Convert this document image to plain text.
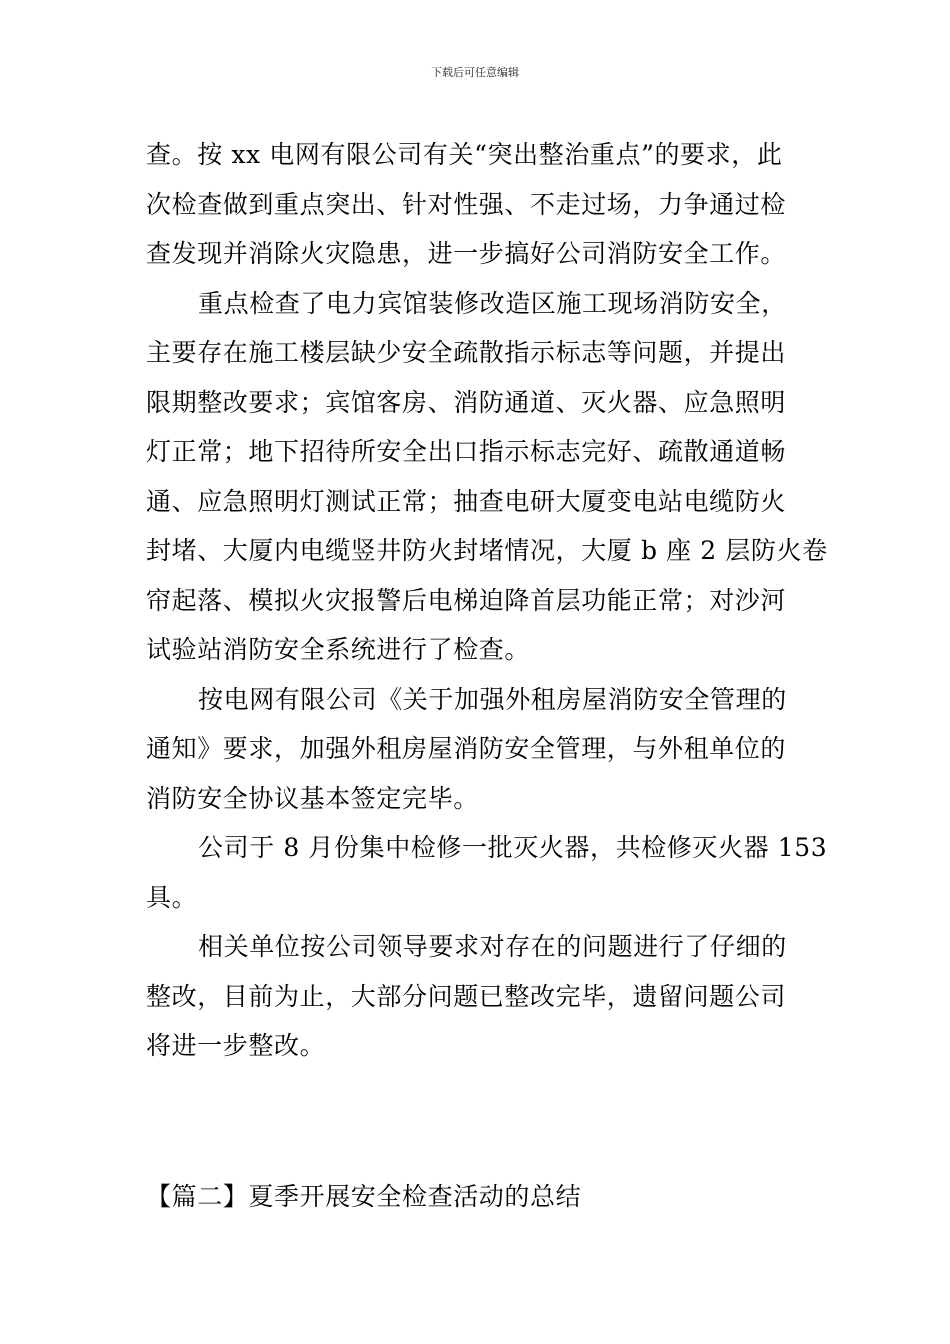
下载后可任意编辑
查。按 xx 电网有限公司有关“突出整治重点”的要求，此
次检查做到重点突出、针对性强、不走过场，力争通过检
查发现并消除火灾隐患，进一步搞好公司消防安全工作。
重点检查了电力宾馆装修改造区施工现场消防安全，
主要存在施工楼层缺少安全疏散指示标志等问题，并提出
限期整改要求；宾馆客房、消防通道、灭火器、应急照明
灯正常；地下招待所安全出口指示标志完好、疏散通道畅
通、应急照明灯测试正常；抽查电研大厦变电站电缆防火
封堵、大厦内电缆竖井防火封堵情况，大厦 b 座 2 层防火卷
帘起落、模拟火灾报警后电梯迫降首层功能正常；对沙河
试验站消防安全系统进行了检查。
按电网有限公司《关于加强外租房屋消防安全管理的
通知》要求，加强外租房屋消防安全管理，与外租单位的
消防安全协议基本签定完毕。
公司于 8 月份集中检修一批灭火器，共检修灭火器 153
具。
相关单位按公司领导要求对存在的问题进行了仔细的
整改，目前为止，大部分问题已整改完毕，遗留问题公司
将进一步整改。
【篇二】夏季开展安全检查活动的总结
